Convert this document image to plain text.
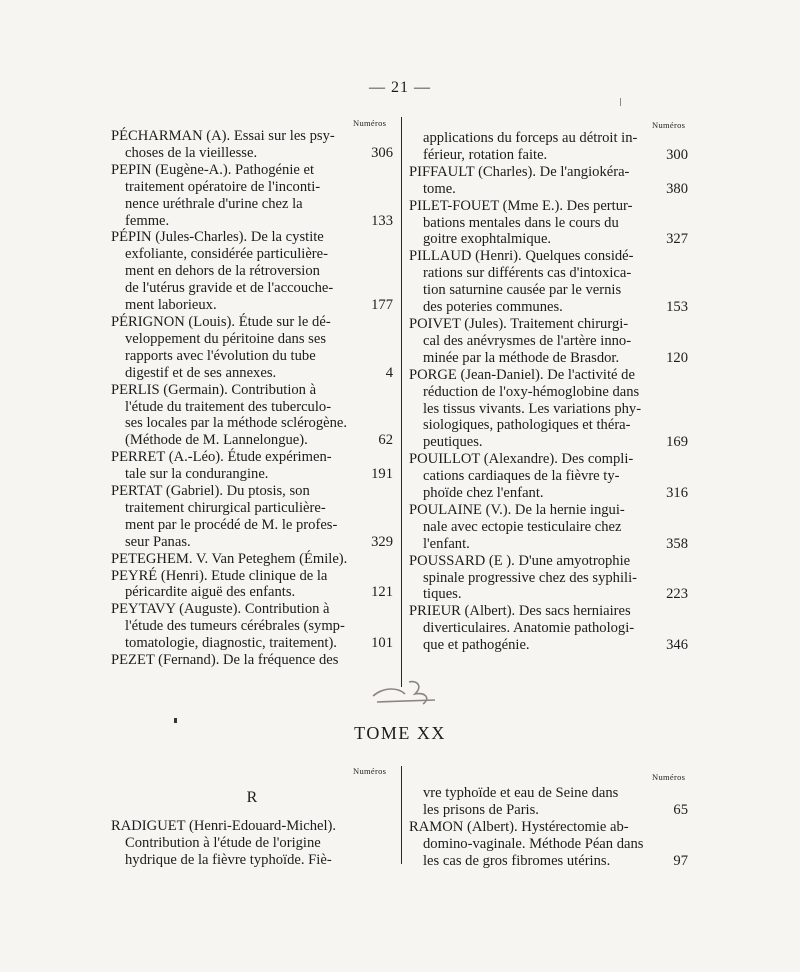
— 21 —
Numéros	Numéros
PÉCHARMAN (A). Essai sur les psy-
choses de la vieillesse.	306
PEPIN (Eugène-A.). Pathogénie et
traitement opératoire de l'inconti-
nence uréthrale d'urine chez la
femme.	133
PÉPIN (Jules-Charles). De la cystite
exfoliante, considérée particulière-
ment en dehors de la rétroversion
de l'utérus gravide et de l'accouche-
ment laborieux.	177
PÉRIGNON (Louis). Étude sur le dé-
veloppement du péritoine dans ses
rapports avec l'évolution du tube
digestif et de ses annexes.	4
PERLIS (Germain). Contribution à
l'étude du traitement des tuberculo-
ses locales par la méthode sclérogène.
(Méthode de M. Lannelongue).	62
PERRET (A.-Léo). Étude expérimen-
tale sur la condurangine.	191
PERTAT (Gabriel). Du ptosis, son
traitement chirurgical particulière-
ment par le procédé de M. le profes-
seur Panas.	329
PETEGHEM. V. Van Peteghem (Émile).
PEYRÉ (Henri). Etude clinique de la
péricardite aiguë des enfants.	121
PEYTAVY (Auguste). Contribution à
l'étude des tumeurs cérébrales (symp-
tomatologie, diagnostic, traitement).	101
PEZET (Fernand). De la fréquence des
applications du forceps au détroit in-
férieur, rotation faite.	300
PIFFAULT (Charles). De l'angiokéra-
tome.	380
PILET-FOUET (Mme E.). Des pertur-
bations mentales dans le cours du
goitre exophtalmique.	327
PILLAUD (Henri). Quelques considé-
rations sur différents cas d'intoxica-
tion saturnine causée par le vernis
des poteries communes.	153
POIVET (Jules). Traitement chirurgi-
cal des anévrysmes de l'artère inno-
minée par la méthode de Brasdor.	120
PORGE (Jean-Daniel). De l'activité de
réduction de l'oxy-hémoglobine dans
les tissus vivants. Les variations phy-
siologiques, pathologiques et théra-
peutiques.	169
POUILLOT (Alexandre). Des compli-
cations cardiaques de la fièvre ty-
phoïde chez l'enfant.	316
POULAINE (V.). De la hernie ingui-
nale avec ectopie testiculaire chez
l'enfant.	358
POUSSARD (E ). D'une amyotrophie
spinale progressive chez des syphili-
tiques.	223
PRIEUR (Albert). Des sacs herniaires
diverticulaires. Anatomie pathologi-
que et pathogénie.	346
TOME XX
Numéros
Numéros
R
RADIGUET (Henri-Edouard-Michel).
Contribution à l'étude de l'origine
hydrique de la fièvre typhoïde. Fiè-
vre typhoïde et eau de Seine dans
les prisons de Paris.	65
RAMON (Albert). Hystérectomie ab-
domino-vaginale. Méthode Péan dans
les cas de gros fibromes utérins.	97
